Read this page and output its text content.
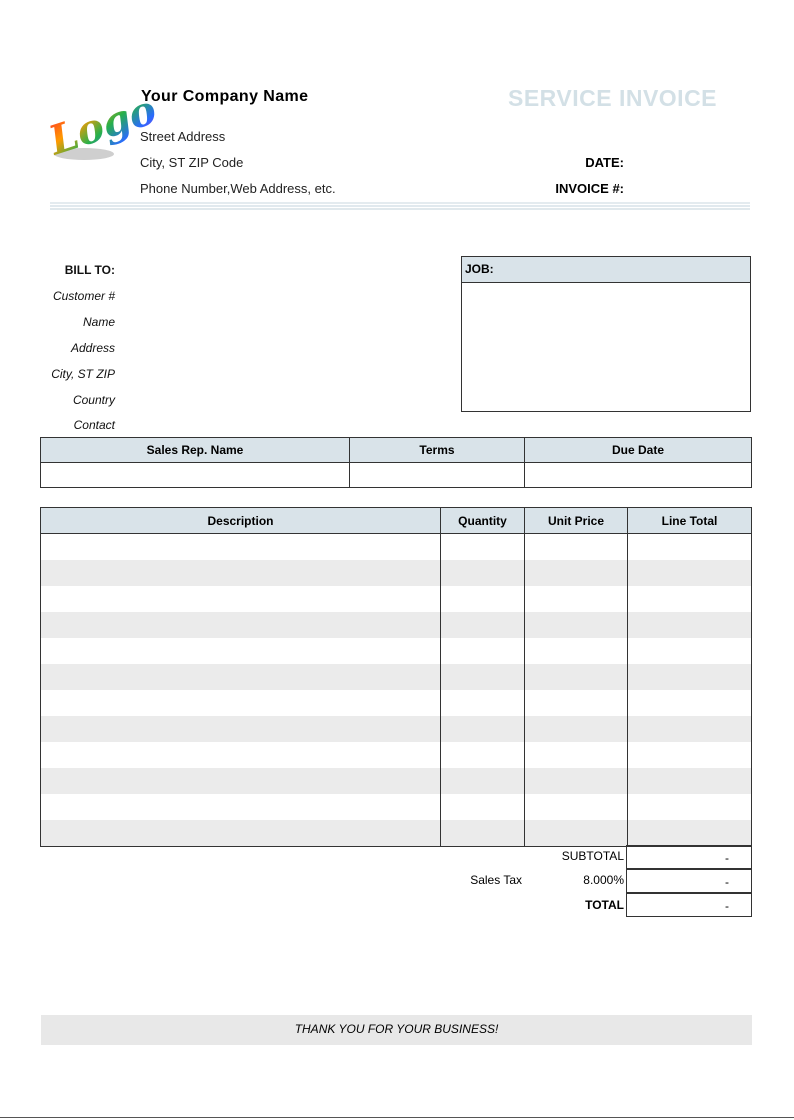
Logo
Your Company Name
Street Address
City, ST ZIP Code
Phone Number,Web Address, etc.
SERVICE INVOICE
DATE:
INVOICE #:
BILL TO:
Customer #
Name
Address
City, ST ZIP
Country
Contact
JOB:
Sales Rep. Name	Terms	Due Date

Description	Quantity	Unit Price	Line Total

SUBTOTAL	-
Sales Tax	8.000%	-
TOTAL	-
THANK YOU FOR YOUR BUSINESS!
